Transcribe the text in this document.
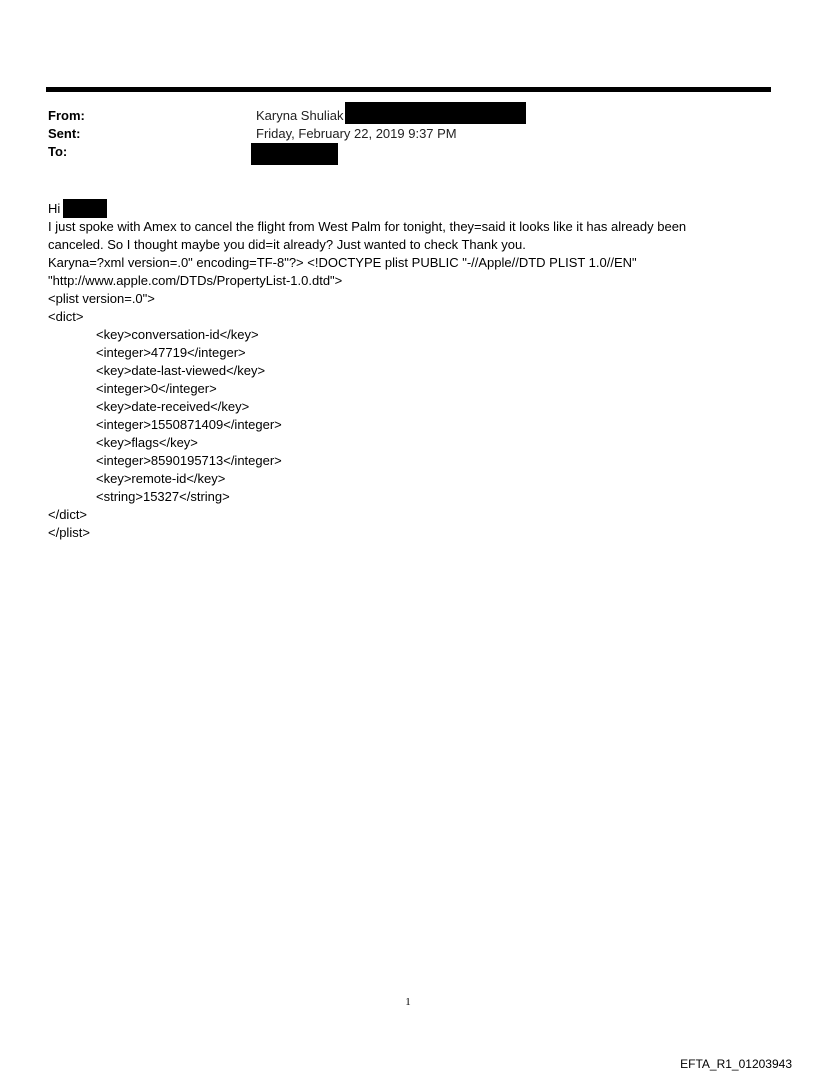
From:	Karyna Shuliak
Sent:	Friday, February 22, 2019 9:37 PM
To:
Hi
I just spoke with Amex to cancel the flight from West Palm for tonight, they=said it looks like it has already been
canceled. So I thought maybe you did=it already? Just wanted to check Thank you.
Karyna=?xml version=.0" encoding=TF-8"?> <!DOCTYPE plist PUBLIC "-//Apple//DTD PLIST 1.0//EN"
"http://www.apple.com/DTDs/PropertyList-1.0.dtd">
<plist version=.0">
<dict>
<key>conversation-id</key>
<integer>47719</integer>
<key>date-last-viewed</key>
<integer>0</integer>
<key>date-received</key>
<integer>1550871409</integer>
<key>flags</key>
<integer>8590195713</integer>
<key>remote-id</key>
<string>15327</string>
</dict>
</plist>
1
EFTA_R1_01203943
